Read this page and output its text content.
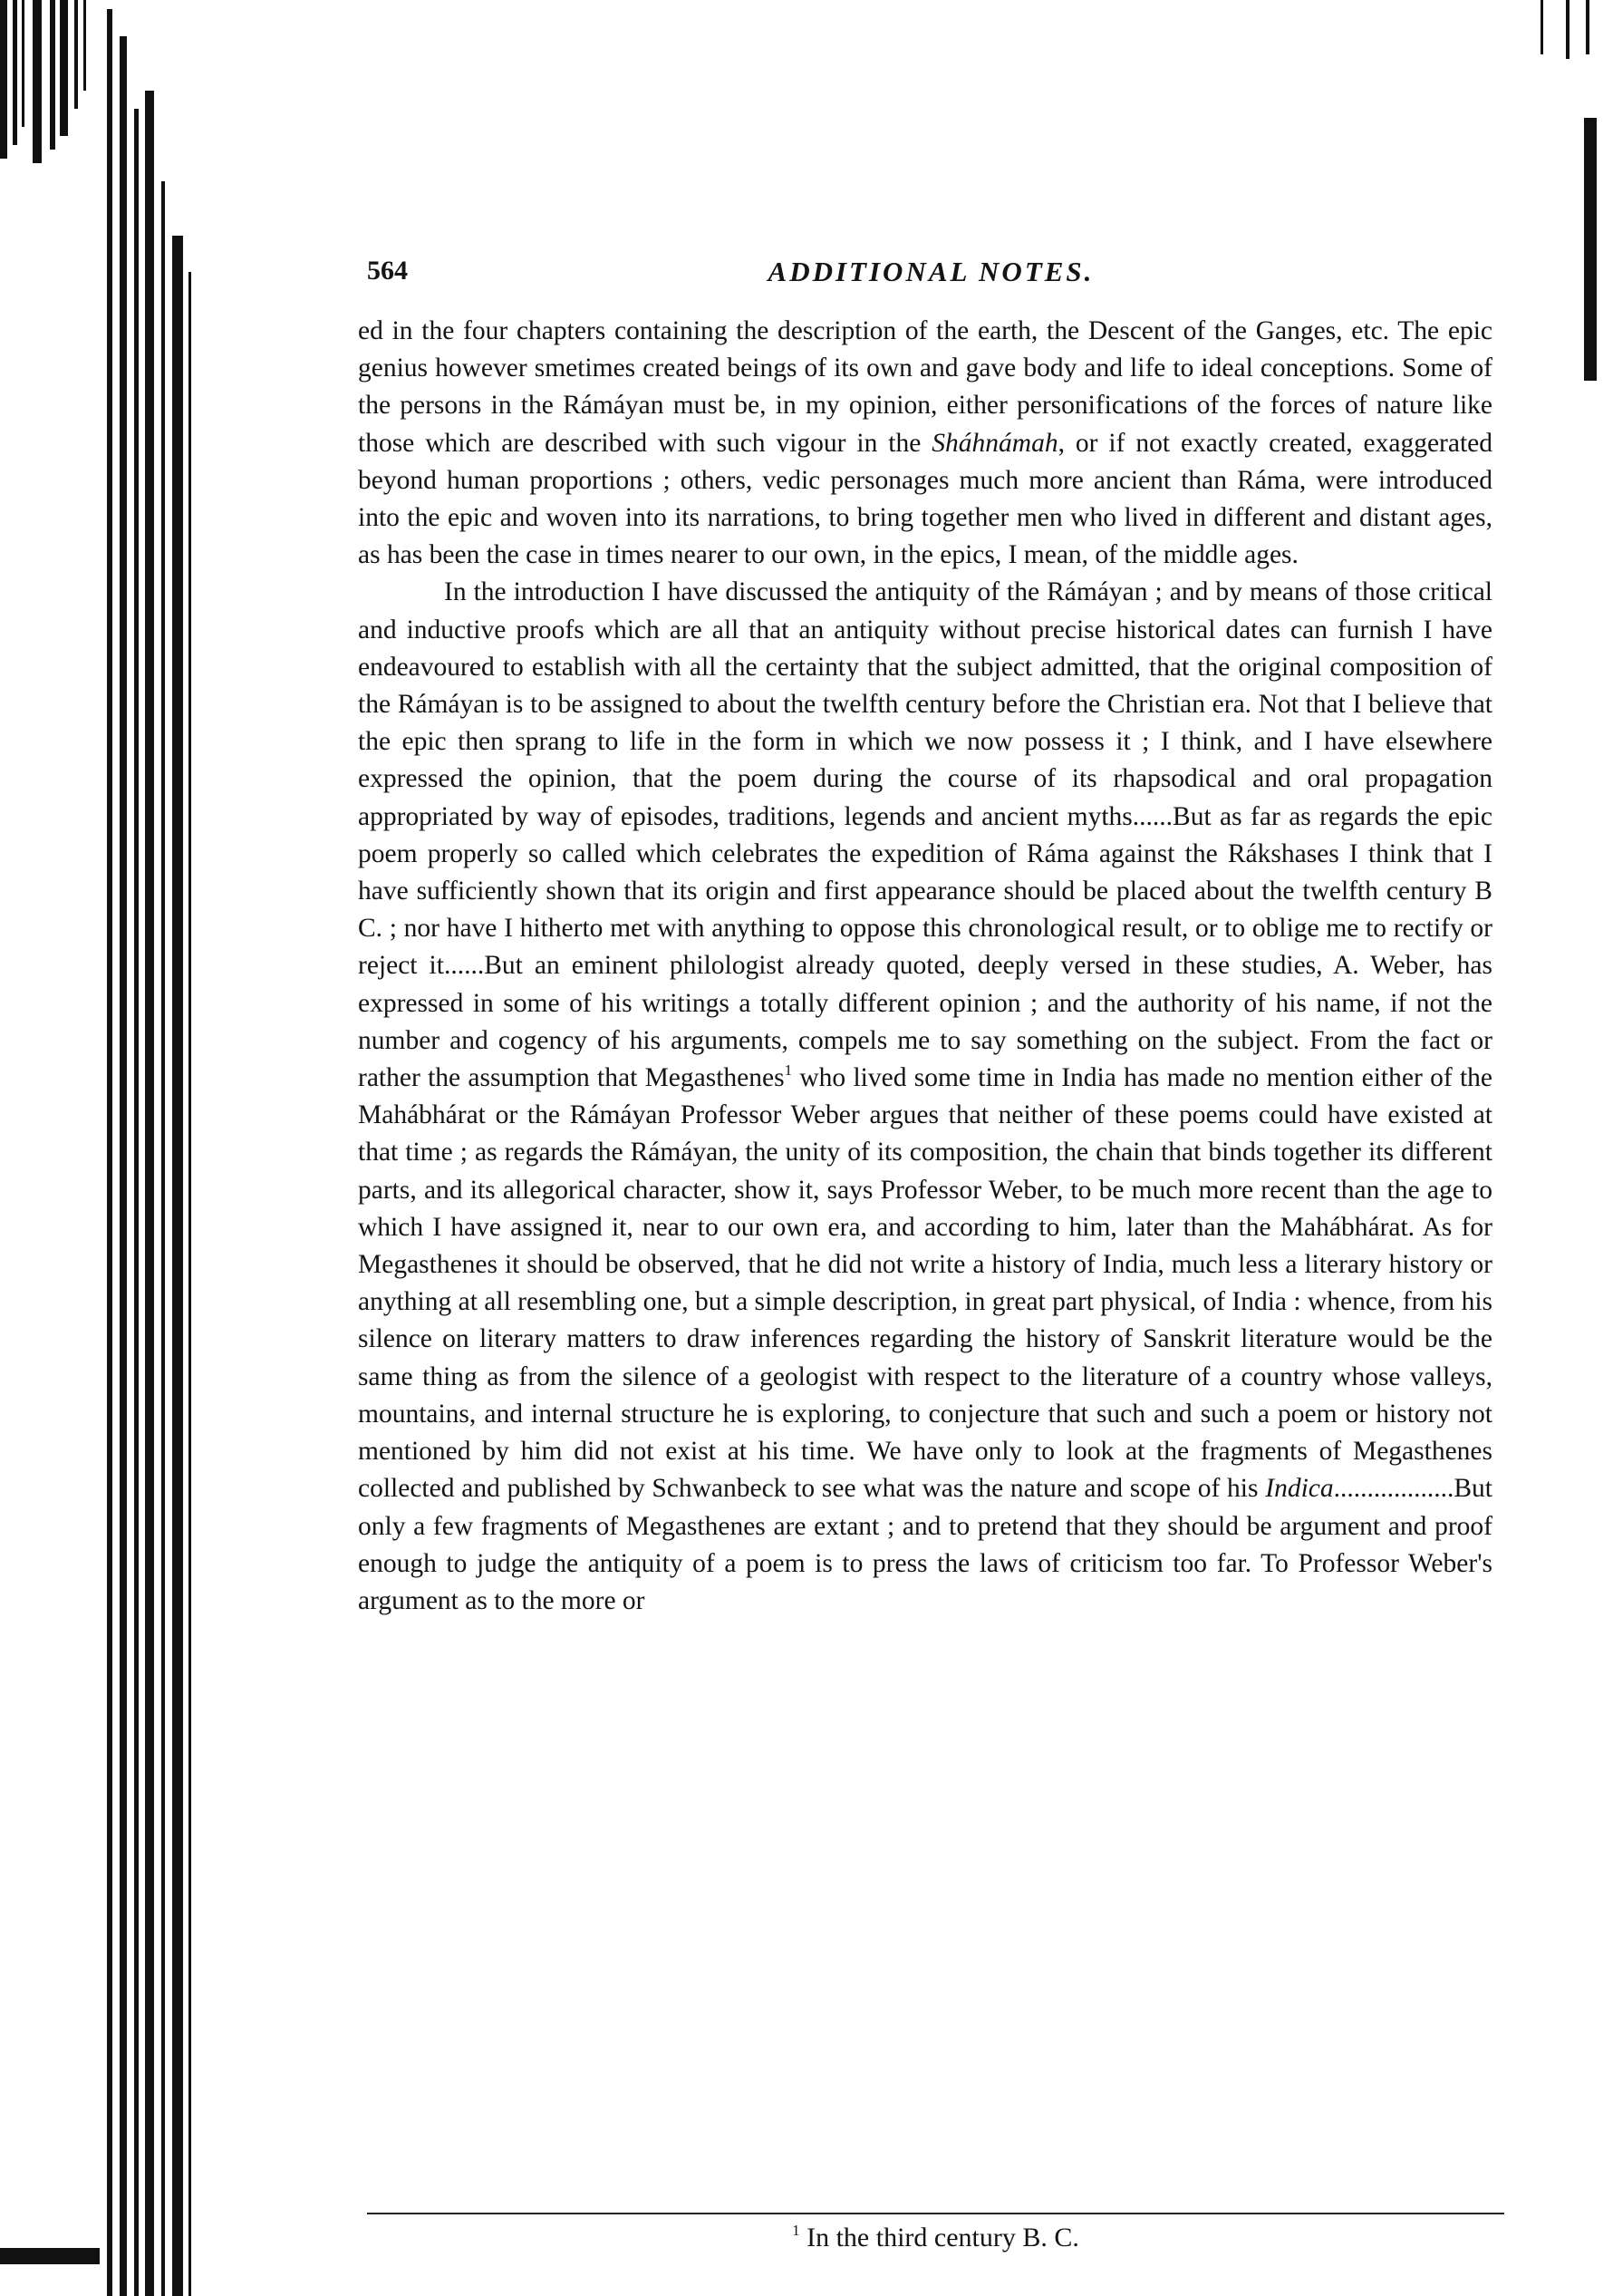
564	ADDITIONAL NOTES.

ed in the four chapters containing the description of the earth, the Descent of the Ganges, etc. The epic genius however smetimes created beings of its own and gave body and life to ideal conceptions. Some of the persons in the Rámáyan must be, in my opinion, either personifications of the forces of nature like those which are described with such vigour in the Sháhnámah, or if not exactly created, exaggerated beyond human proportions ; others, vedic personages much more ancient than Ráma, were introduced into the epic and woven into its narrations, to bring together men who lived in different and distant ages, as has been the case in times nearer to our own, in the epics, I mean, of the middle ages.

In the introduction I have discussed the antiquity of the Rámáyan ; and by means of those critical and inductive proofs which are all that an antiquity without precise historical dates can furnish I have endeavoured to establish with all the certainty that the subject admitted, that the original composition of the Rámáyan is to be assigned to about the twelfth century before the Christian era. Not that I believe that the epic then sprang to life in the form in which we now possess it ; I think, and I have elsewhere expressed the opinion, that the poem during the course of its rhapsodical and oral propagation appropriated by way of episodes, traditions, legends and ancient myths......But as far as regards the epic poem properly so called which celebrates the expedition of Ráma against the Rákshases I think that I have sufficiently shown that its origin and first appearance should be placed about the twelfth century B C. ; nor have I hitherto met with anything to oppose this chronological result, or to oblige me to rectify or reject it......But an eminent philologist already quoted, deeply versed in these studies, A. Weber, has expressed in some of his writings a totally different opinion ; and the authority of his name, if not the number and cogency of his arguments, compels me to say something on the subject. From the fact or rather the assumption that Megasthenes$^1$ who lived some time in India has made no mention either of the Mahábhárat or the Rámáyan Professor Weber argues that neither of these poems could have existed at that time ; as regards the Rámáyan, the unity of its composition, the chain that binds together its different parts, and its allegorical character, show it, says Professor Weber, to be much more recent than the age to which I have assigned it, near to our own era, and according to him, later than the Mahábhárat. As for Megasthenes it should be observed, that he did not write a history of India, much less a literary history or anything at all resembling one, but a simple description, in great part physical, of India : whence, from his silence on literary matters to draw inferences regarding the history of Sanskrit literature would be the same thing as from the silence of a geologist with respect to the literature of a country whose valleys, mountains, and internal structure he is exploring, to conjecture that such and such a poem or history not mentioned by him did not exist at his time. We have only to look at the fragments of Megasthenes collected and published by Schwanbeck to see what was the nature and scope of his Indica..................But only a few fragments of Megasthenes are extant ; and to pretend that they should be argument and proof enough to judge the antiquity of a poem is to press the laws of criticism too far. To Professor Weber's argument as to the more or

$^1$ In the third century B. C.
